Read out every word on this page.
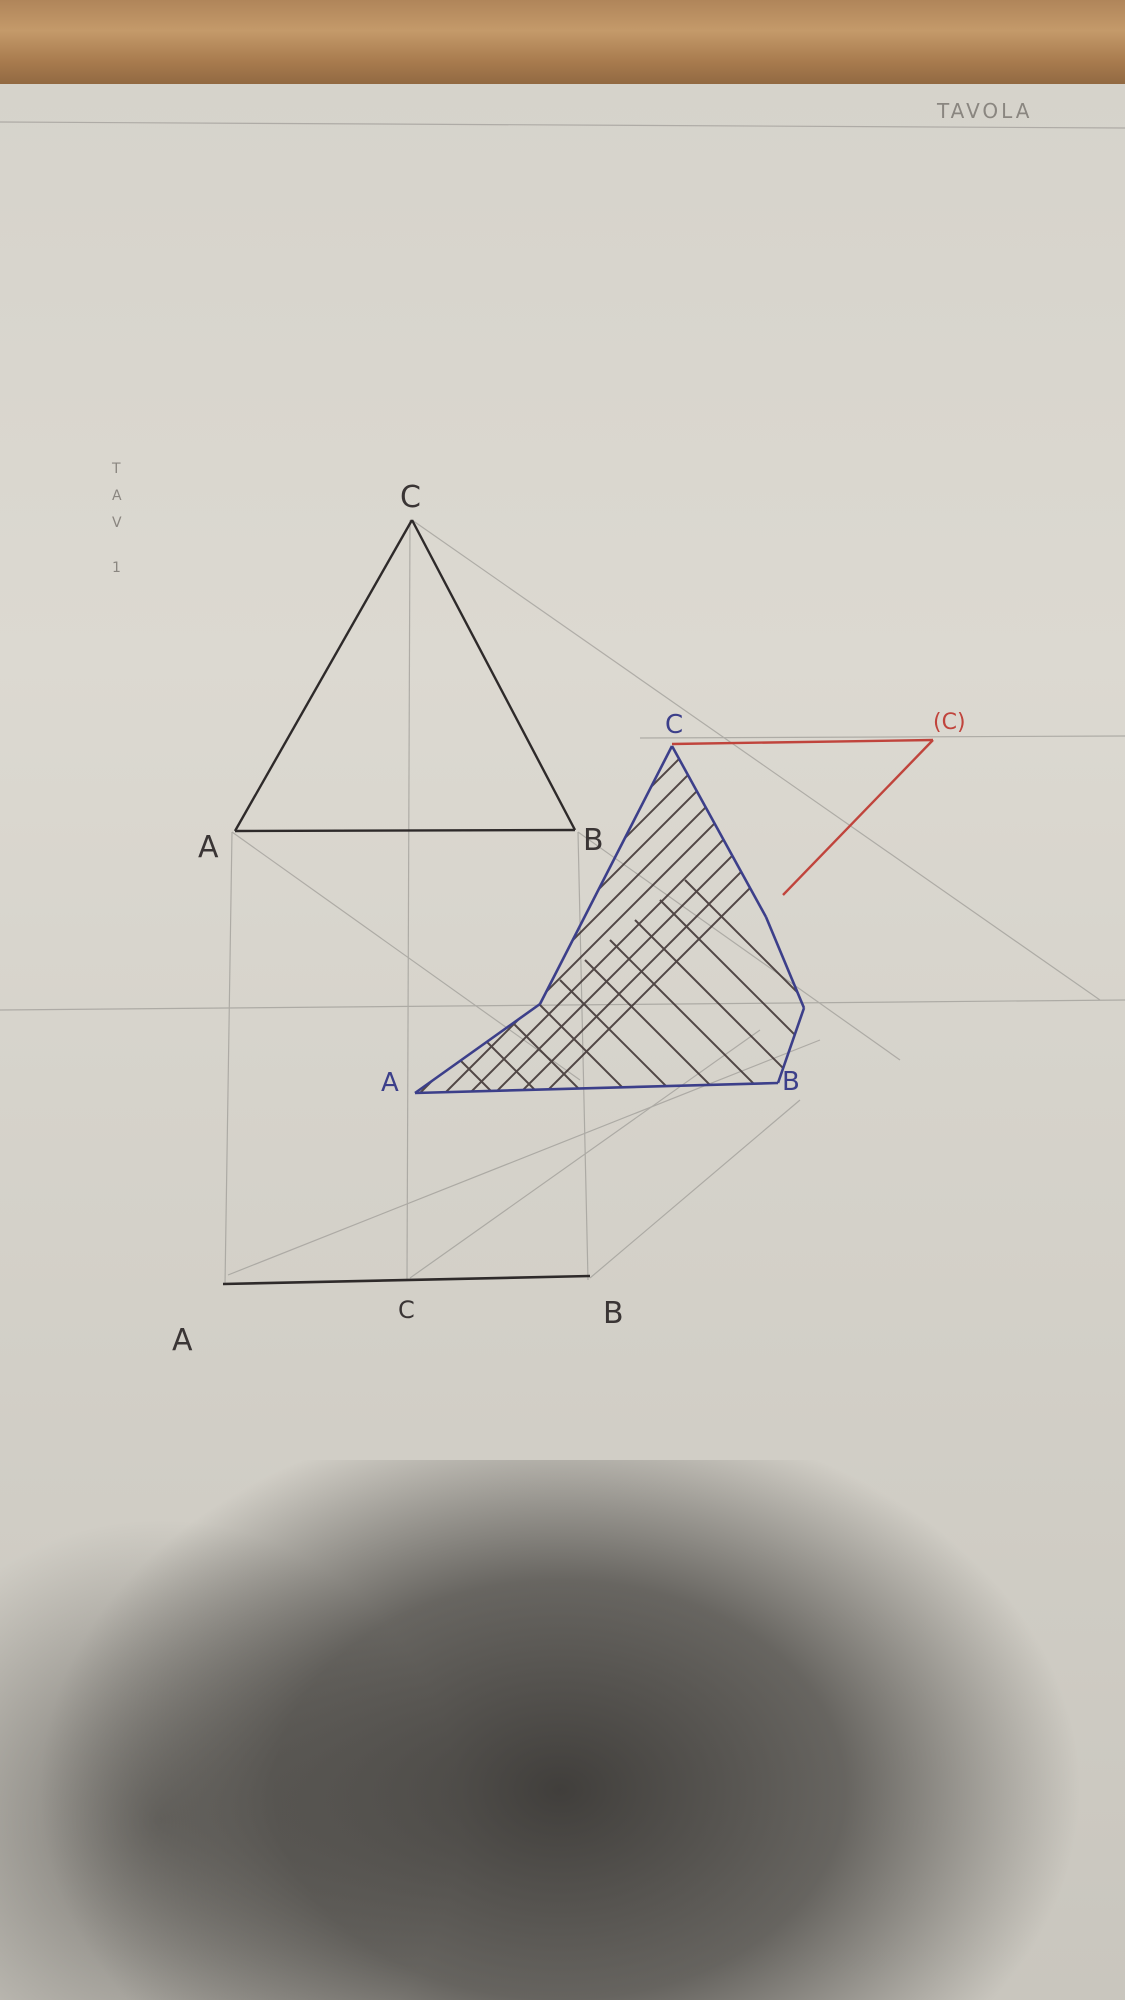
TAVOLA
T
A
V
1
C
A	B
A
C	B
C
A	B
(C)
